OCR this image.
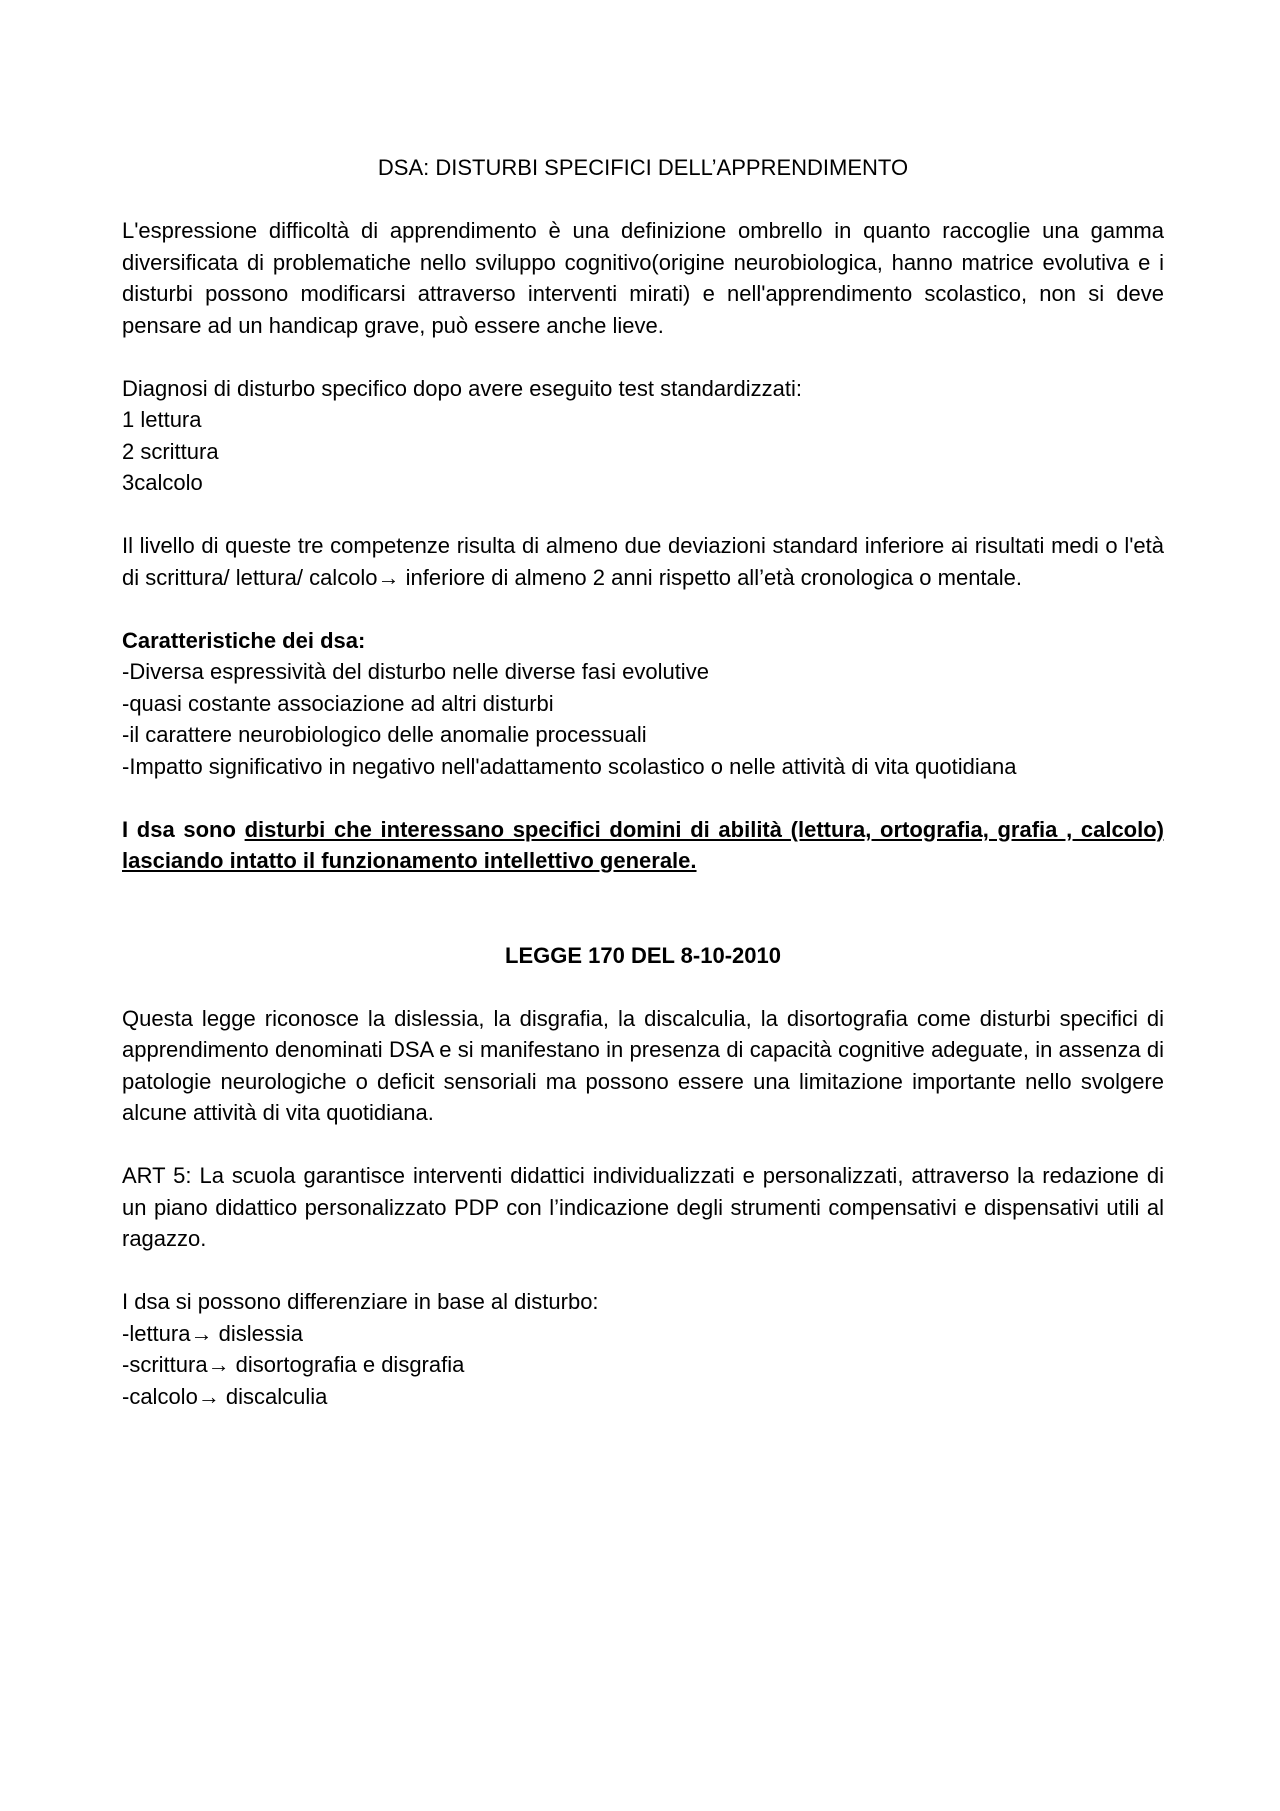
DSA: DISTURBI SPECIFICI DELL’APPRENDIMENTO

L'espressione difficoltà di apprendimento è una definizione ombrello in quanto raccoglie una gamma diversificata di problematiche nello sviluppo cognitivo(origine neurobiologica, hanno matrice evolutiva e i disturbi possono modificarsi attraverso interventi mirati) e nell'apprendimento scolastico, non si deve pensare ad un handicap grave, può essere anche lieve.

Diagnosi di disturbo specifico dopo avere eseguito test standardizzati:

1 lettura

2 scrittura

3calcolo

Il livello di queste tre competenze risulta di almeno due deviazioni standard inferiore ai risultati medi o l'età di scrittura/ lettura/ calcolo→ inferiore di almeno 2 anni rispetto all’età cronologica o mentale.

Caratteristiche dei dsa:

-Diversa espressività del disturbo nelle diverse fasi evolutive

-quasi costante associazione ad altri disturbi

-il carattere neurobiologico delle anomalie processuali

-Impatto significativo in negativo nell'adattamento scolastico o nelle attività di vita quotidiana

I dsa sono disturbi che interessano specifici domini di abilità (lettura, ortografia, grafia , calcolo) lasciando intatto il funzionamento intellettivo generale.

LEGGE 170 DEL 8-10-2010

Questa legge riconosce la dislessia, la disgrafia, la discalculia, la disortografia come disturbi specifici di apprendimento denominati DSA e si manifestano in presenza di capacità cognitive adeguate, in assenza di patologie neurologiche o deficit sensoriali ma possono essere una limitazione importante nello svolgere alcune attività di vita quotidiana.

ART 5: La scuola garantisce interventi didattici individualizzati e personalizzati, attraverso la redazione di un piano didattico personalizzato PDP con l’indicazione degli strumenti compensativi e dispensativi utili al ragazzo.

I dsa si possono differenziare in base al disturbo:

-lettura→ dislessia

-scrittura→ disortografia e disgrafia

-calcolo→ discalculia
